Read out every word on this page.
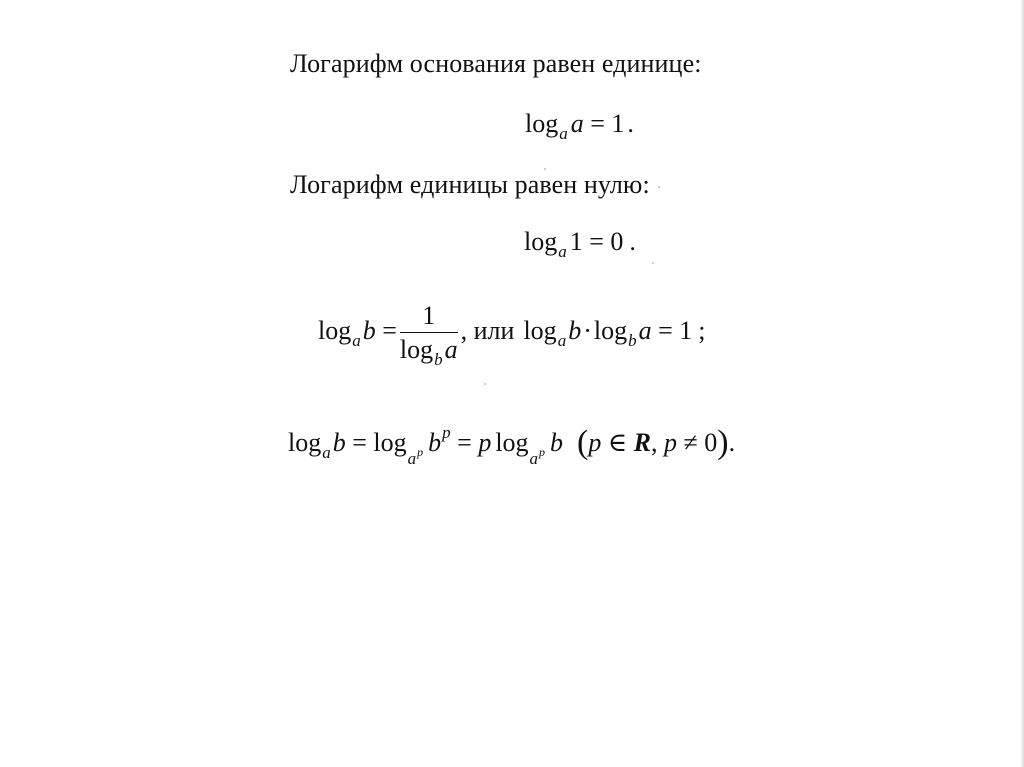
Логарифм основания равен единице:
$\log_a a = 1$ .
Логарифм единицы равен нулю:
$\log_a 1 = 0$ .
$\log_ab = \frac{1}{\log_ba}$ , или $\log_ab\cdot\log_ba = 1$ ;
$\log_ab = \log_ap$ $b^p = p$ $\log_ap$ b (p ∈ R, p ≠ 0).
